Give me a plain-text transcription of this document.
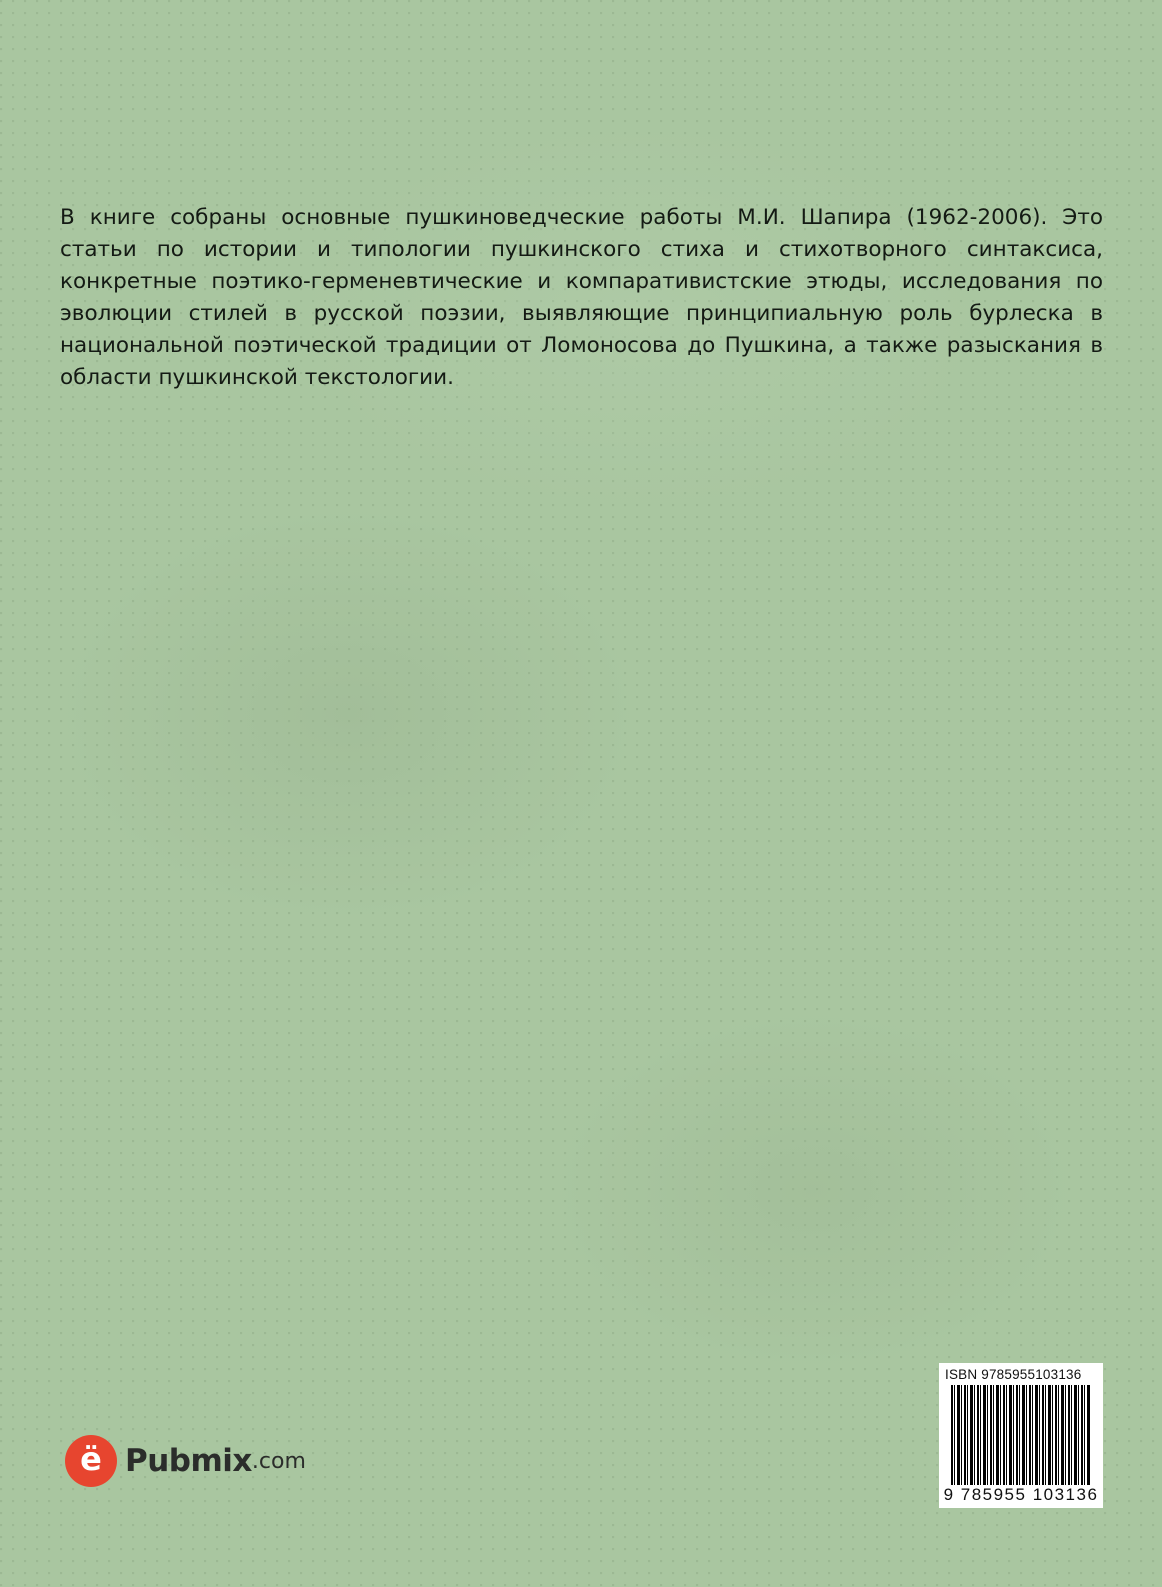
В книге собраны основные пушкиноведческие работы М.И. Шапира (1962-2006). Это статьи по истории и типологии пушкинского стиха и стихотворного синтаксиса, конкретные поэтико-герменевтические и компаративистские этюды, исследования по эволюции стилей в русской поэзии, выявляющие принципиальную роль бурлеска в национальной поэтической традиции от Ломоносова до Пушкина, а также разыскания в области пушкинской текстологии.

ё Pubmix .com
ISBN 9785955103136
9 785955 103136
